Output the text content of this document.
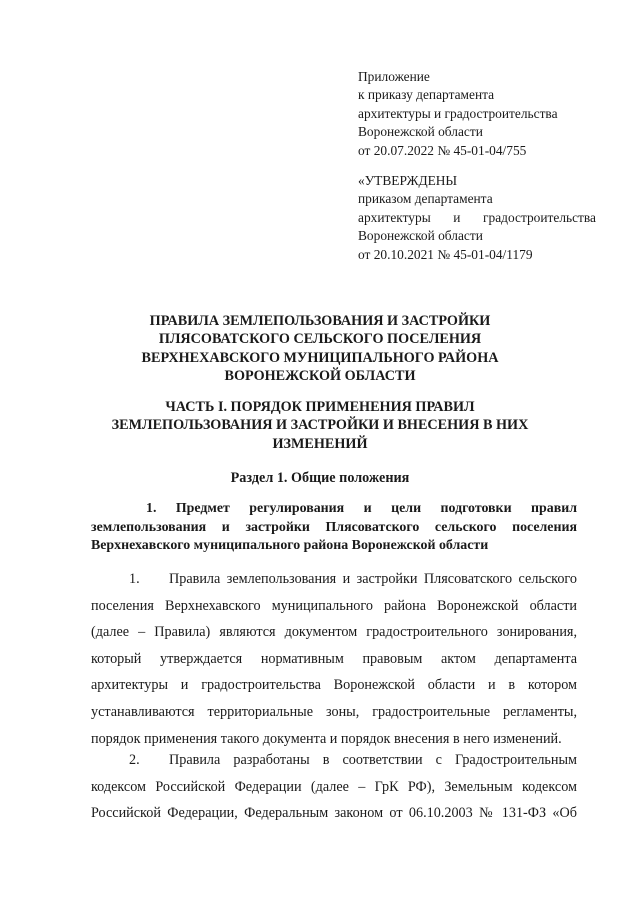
Приложение
к приказу департамента
архитектуры и градостроительства
Воронежской области
от 20.07.2022 № 45-01-04/755
«УТВЕРЖДЕНЫ
приказом департамента
архитектуры и градостроительства
Воронежской области
от 20.10.2021 № 45-01-04/1179
ПРАВИЛА ЗЕМЛЕПОЛЬЗОВАНИЯ И ЗАСТРОЙКИ
ПЛЯСОВАТСКОГО СЕЛЬСКОГО ПОСЕЛЕНИЯ
ВЕРХНЕХАВСКОГО МУНИЦИПАЛЬНОГО РАЙОНА
ВОРОНЕЖСКОЙ ОБЛАСТИ
ЧАСТЬ I. ПОРЯДОК ПРИМЕНЕНИЯ ПРАВИЛ
ЗЕМЛЕПОЛЬЗОВАНИЯ И ЗАСТРОЙКИ И ВНЕСЕНИЯ В НИХ
ИЗМЕНЕНИЙ
Раздел 1. Общие положения
1. Предмет регулирования и цели подготовки правил
землепользования и застройки Плясоватского сельского поселения
Верхнехавского муниципального района Воронежской области
1. Правила землепользования и застройки Плясоватского сельского
поселения Верхнехавского муниципального района Воронежской области
(далее – Правила) являются документом градостроительного зонирования,
который утверждается нормативным правовым актом департамента
архитектуры и градостроительства Воронежской области и в котором
устанавливаются территориальные зоны, градостроительные регламенты,
порядок применения такого документа и порядок внесения в него изменений.
2. Правила разработаны в соответствии с Градостроительным
кодексом Российской Федерации (далее – ГрК РФ), Земельным кодексом
Российской Федерации, Федеральным законом от 06.10.2003 № 131-ФЗ «Об
